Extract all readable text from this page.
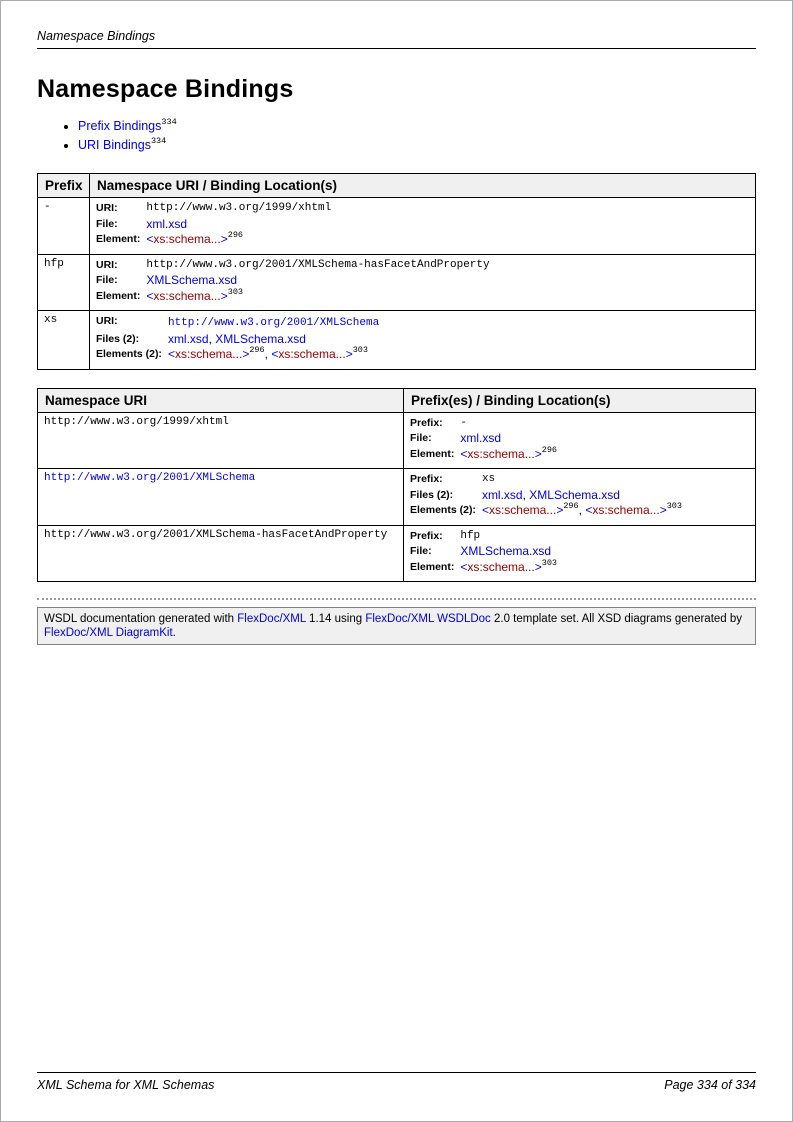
Namespace Bindings
Namespace Bindings
• Prefix Bindings$^{334}$
• URI Bindings$^{334}$
Prefix	Namespace URI / Binding Location(s)
-	URI:	http://www.w3.org/1999/xhtml
File:	xml.xsd
Element: <xs:schema...>$^{296}$

hfp	URI:	http://www.w3.org/2001/XMLSchema-hasFacetAndProperty
File:	XMLSchema.xsd
Element: <xs:schema...>$^{303}$

xs	URI:	http://www.w3.org/2001/XMLSchema
Files (2):	xml.xsd, XMLSchema.xsd
Elements (2): <xs:schema...>$^{296}$, <xs:schema...>$^{303}$
Namespace URI	Prefix(es) / Binding Location(s)
http://www.w3.org/1999/xhtml	Prefix:	-
File:	xml.xsd
Element: <xs:schema...>$^{296}$

http://www.w3.org/2001/XMLSchema	Prefix:	xs
Files (2):	xml.xsd, XMLSchema.xsd
Elements (2): <xs:schema...>$^{296}$, <xs:schema...>$^{303}$

http://www.w3.org/2001/XMLSchema-hasFacetAndProperty	Prefix:	hfp
File:	XMLSchema.xsd
Element: <xs:schema...>$^{303}$
WSDL documentation generated with FlexDoc/XML 1.14 using FlexDoc/XML WSDLDoc 2.0 template set. All XSD diagrams generated by FlexDoc/XML DiagramKit.
XML Schema for XML Schemas	Page 334 of 334
